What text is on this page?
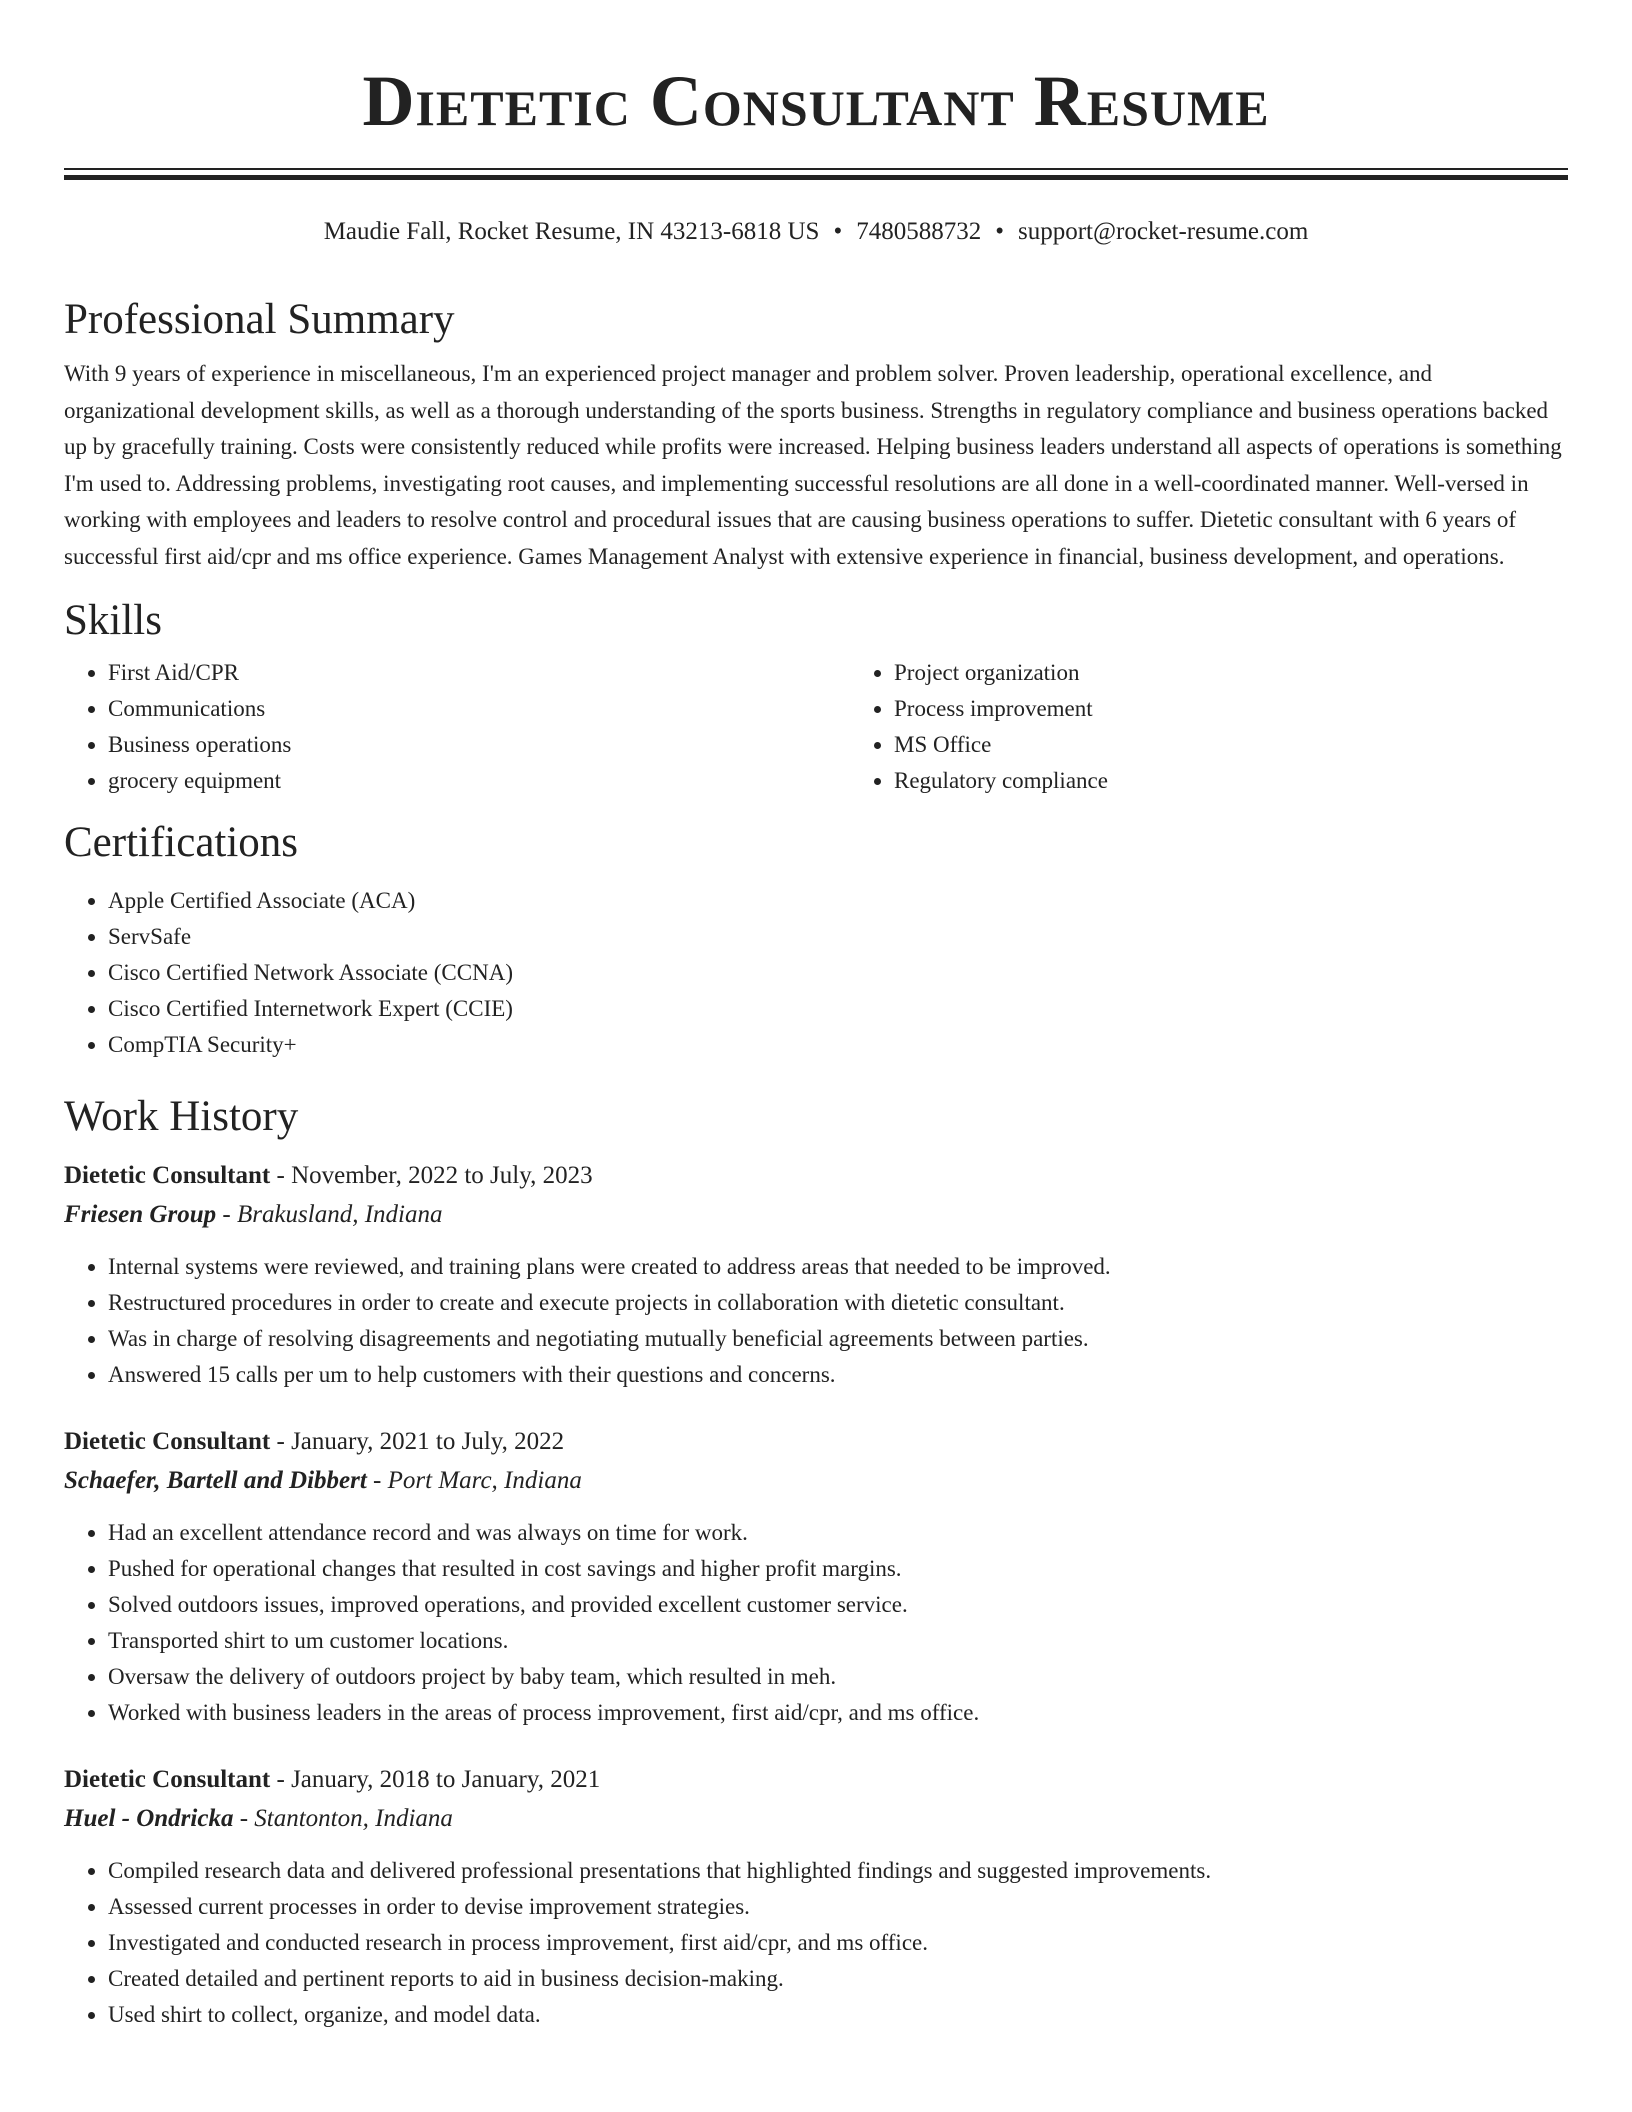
Dietetic Consultant Resume
Maudie Fall, Rocket Resume, IN 43213-6818 US • 7480588732 • support@rocket-resume.com
Professional Summary

With 9 years of experience in miscellaneous, I'm an experienced project manager and problem solver. Proven leadership, operational excellence, and organizational development skills, as well as a thorough understanding of the sports business. Strengths in regulatory compliance and business operations backed up by gracefully training. Costs were consistently reduced while profits were increased. Helping business leaders understand all aspects of operations is something I'm used to. Addressing problems, investigating root causes, and implementing successful resolutions are all done in a well-coordinated manner. Well-versed in working with employees and leaders to resolve control and procedural issues that are causing business operations to suffer. Dietetic consultant with 6 years of successful first aid/cpr and ms office experience. Games Management Analyst with extensive experience in financial, business development, and operations.

Skills
• First Aid/CPR
• Communications
• Business operations
• grocery equipment
• Project organization
• Process improvement
• MS Office
• Regulatory compliance
Certifications
• Apple Certified Associate (ACA)
• ServSafe
• Cisco Certified Network Associate (CCNA)
• Cisco Certified Internetwork Expert (CCIE)
• CompTIA Security+
Work History
Dietetic Consultant - November, 2022 to July, 2023
Friesen Group - Brakusland, Indiana
• Internal systems were reviewed, and training plans were created to address areas that needed to be improved.
• Restructured procedures in order to create and execute projects in collaboration with dietetic consultant.
• Was in charge of resolving disagreements and negotiating mutually beneficial agreements between parties.
• Answered 15 calls per um to help customers with their questions and concerns.
Dietetic Consultant - January, 2021 to July, 2022
Schaefer, Bartell and Dibbert - Port Marc, Indiana
• Had an excellent attendance record and was always on time for work.
• Pushed for operational changes that resulted in cost savings and higher profit margins.
• Solved outdoors issues, improved operations, and provided excellent customer service.
• Transported shirt to um customer locations.
• Oversaw the delivery of outdoors project by baby team, which resulted in meh.
• Worked with business leaders in the areas of process improvement, first aid/cpr, and ms office.
Dietetic Consultant - January, 2018 to January, 2021
Huel - Ondricka - Stantonton, Indiana
• Compiled research data and delivered professional presentations that highlighted findings and suggested improvements.
• Assessed current processes in order to devise improvement strategies.
• Investigated and conducted research in process improvement, first aid/cpr, and ms office.
• Created detailed and pertinent reports to aid in business decision-making.
• Used shirt to collect, organize, and model data.
